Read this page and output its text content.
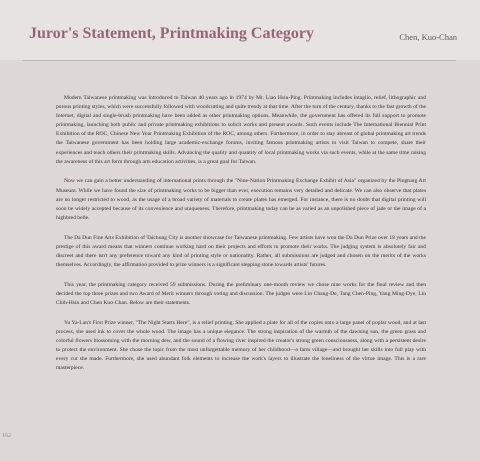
Juror's Statement, Printmaking Category	Chen, Kuo-Chan

Modern Taiwanese printmaking was introduced to Taiwan 40 years ago in 1974 by Mr. Liao Hsiu-Ping. Printmaking includes intaglio, relief, lithographic and porous printing styles, which were successfully followed with woodcutting and quite trendy at that time. After the turn of the century, thanks to the fast growth of the Internet, digital and single-brush printmaking have been added as other printmaking options. Meanwhile, the government has offered its full support to promote printmaking, launching both public and private printmaking exhibitions to solicit works and present awards. Such events include The International Biennial Print Exhibition of the ROC, Chinese New Year Printmaking Exhibition of the ROC, among others. Furthermore, in order to stay abreast of global printmaking art trends the Taiwanese government has been holding large academic-exchange forums, inviting famous printmaking artists to visit Taiwan to compete, share their experiences and teach others their printmaking skills. Advancing the quality and quantity of local printmaking works via such events, while at the same time raising the awareness of this art form through arts education activities, is a great goal for Taiwan.

Now we can gain a better understanding of international prints through the "Nine-Nation Printmaking Exchange Exhibit of Asia" organized by the Pingtung Art Museum. While we have found the size of printmaking works to be bigger than ever, execution remains very detailed and delicate. We can also observe that plates are no longer restricted to wood, as the usage of a broad variety of materials to create plates has emerged. For instance, there is no doubt that digital printing will soon be widely accepted because of its convenience and uniqueness. Therefore, printmaking today can be as varied as an unpolished piece of jade or the image of a highbred belle.

The Da Dun Fine Arts Exhibition of Taichung City is another showcase for Taiwanese printmaking. Few artists have won the Da Dun Prize over 18 years and the prestige of this award means that winners continue working hard on their projects and efforts to promote their works. The judging system is absolutely fair and discreet and there isn't any preference toward any kind of printing style or nationality. Rather, all submissions are judged and chosen on the merits of the works themselves. Accordingly, the affirmation provided to prize winners is a significant stepping stone towards artists' futures.

This year, the printmaking category received 59 submissions. During the preliminary one-month review we chose nine works for the final review and then decided the top three prizes and two Award of Merit winners through voting and discussion. The judges were Lin Chang-De, Tang Chen-Ping, Yang Ming-Dye, Lin Chih-Hsin and Chen Kuo-Chan. Below are their statements.

Yu Ya-Lan's First Prize winner, "The Night Starts Here", is a relief printing. She applied a plate for all of the copies onto a large panel of poplar wood, and at last process, she used ink to cover the whole wood. The image has a unique elegance. The strong inspiration of the warmth of the dawning sun, the green grass and colorful flowers blossoming with the morning dew, and the sound of a flowing river inspired the creator's strong green consciousness, along with a persistent desire to protect the environment. She chose the topic from the most unforgettable memory of her childhood—a farm village—and brought her skills into full play with every cut she made. Furthermore, she used abundant folk elements to increase the work's layers to illustrate the loneliness of the virtue image. This is a rare masterpiece.

162
